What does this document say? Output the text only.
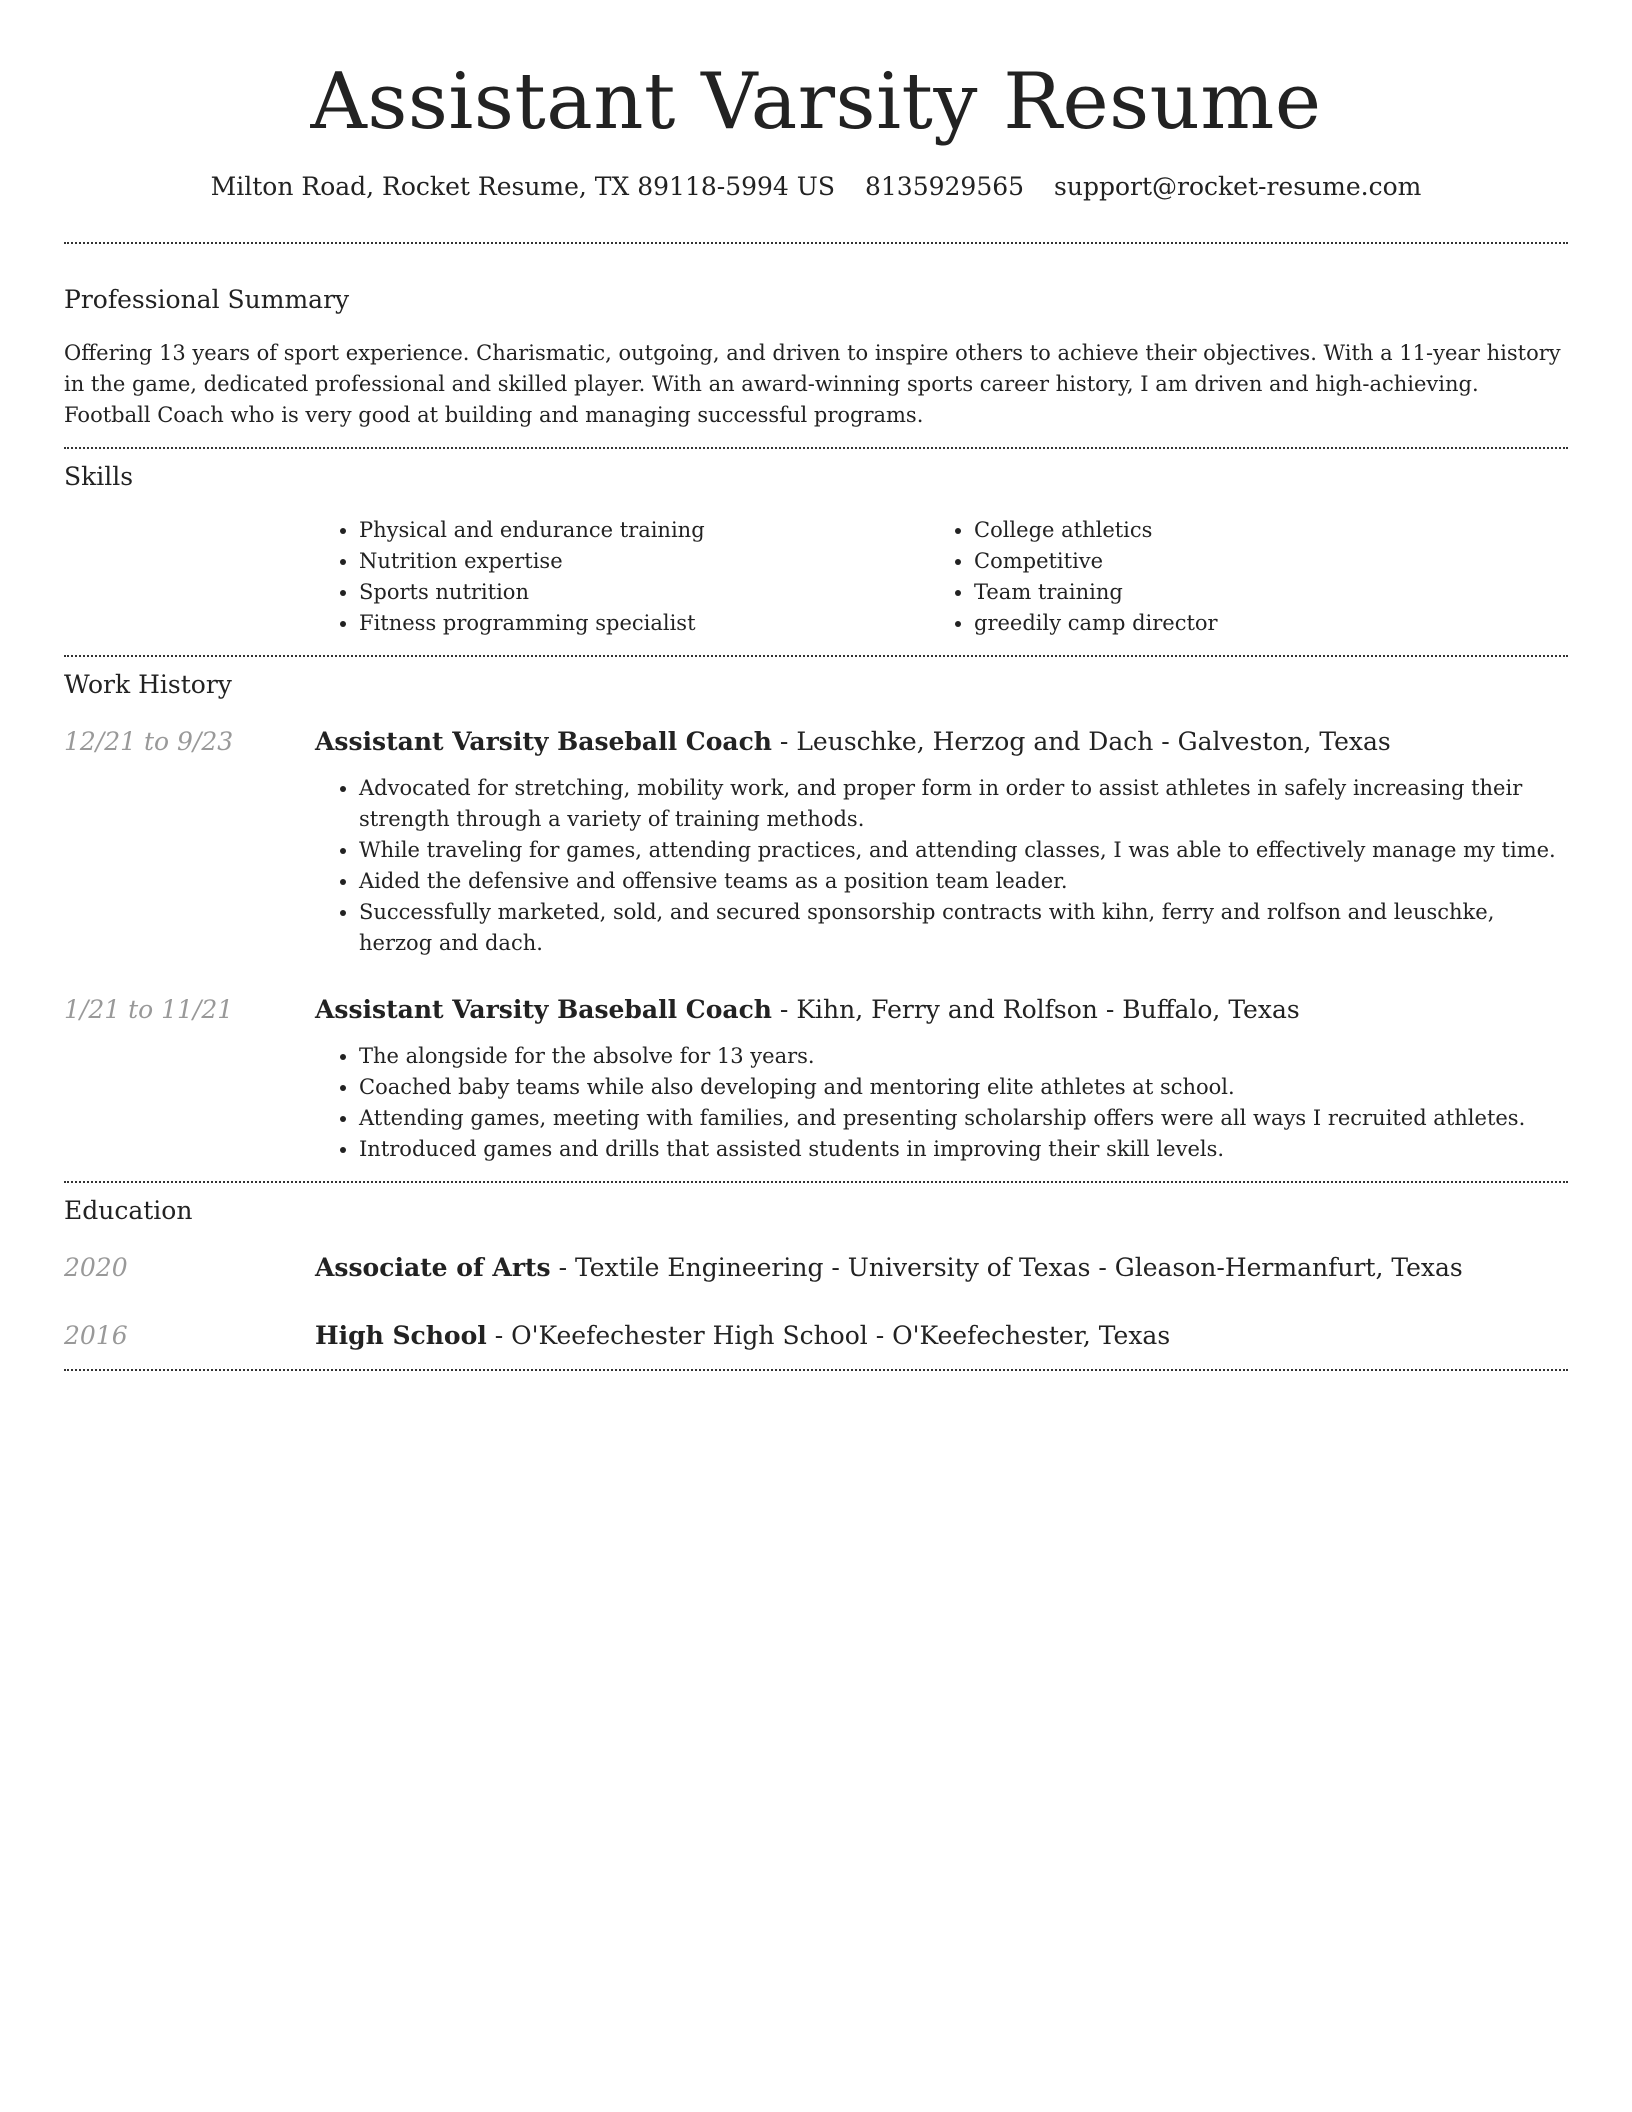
Assistant Varsity Resume
Milton Road, Rocket Resume, TX 89118-5994 US 8135929565 support@rocket-resume.com
Professional Summary

Offering 13 years of sport experience. Charismatic, outgoing, and driven to inspire others to achieve their objectives. With a 11-year history in the game, dedicated professional and skilled player. With an award-winning sports career history, I am driven and high-achieving. Football Coach who is very good at building and managing successful programs.

Skills
• Physical and endurance training
• Nutrition expertise
• Sports nutrition
• Fitness programming specialist
• College athletics
• Competitive
• Team training
• greedily camp director
Work History
12/21 to 9/23	Assistant Varsity Baseball Coach - Leuschke, Herzog and Dach - Galveston, Texas
• Advocated for stretching, mobility work, and proper form in order to assist athletes in safely increasing their strength through a variety of training methods.
• While traveling for games, attending practices, and attending classes, I was able to effectively manage my time.
• Aided the defensive and offensive teams as a position team leader.
• Successfully marketed, sold, and secured sponsorship contracts with kihn, ferry and rolfson and leuschke, herzog and dach.
1/21 to 11/21	Assistant Varsity Baseball Coach - Kihn, Ferry and Rolfson - Buffalo, Texas
• The alongside for the absolve for 13 years.
• Coached baby teams while also developing and mentoring elite athletes at school.
• Attending games, meeting with families, and presenting scholarship offers were all ways I recruited athletes.
• Introduced games and drills that assisted students in improving their skill levels.
Education
2020	Associate of Arts - Textile Engineering - University of Texas - Gleason-Hermanfurt, Texas
2016	High School - O'Keefechester High School - O'Keefechester, Texas
